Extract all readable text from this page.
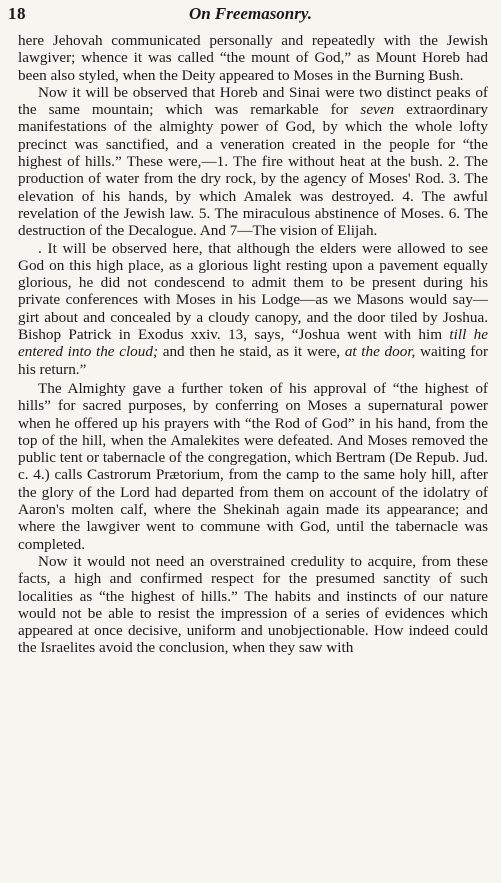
18	On Freemasonry.

here Jehovah communicated personally and repeatedly with the Jewish lawgiver; whence it was called “the mount of God,” as Mount Horeb had been also styled, when the Deity appeared to Moses in the Burning Bush.

Now it will be observed that Horeb and Sinai were two distinct peaks of the same mountain; which was remarkable for seven extraordinary manifestations of the almighty power of God, by which the whole lofty precinct was sanctified, and a veneration created in the people for “the highest of hills.” These were,—1. The fire without heat at the bush. 2. The production of water from the dry rock, by the agency of Moses' Rod. 3. The elevation of his hands, by which Amalek was destroyed. 4. The awful revelation of the Jewish law. 5. The miraculous abstinence of Moses. 6. The destruction of the Decalogue. And 7—The vision of Elijah.

. It will be observed here, that although the elders were allowed to see God on this high place, as a glorious light resting upon a pavement equally glorious, he did not condescend to admit them to be present during his private conferences with Moses in his Lodge—as we Masons would say—girt about and concealed by a cloudy canopy, and the door tiled by Joshua. Bishop Patrick in Exodus xxiv. 13, says, “Joshua went with him till he entered into the cloud; and then he staid, as it were, at the door, waiting for his return.”

The Almighty gave a further token of his approval of “the highest of hills” for sacred purposes, by conferring on Moses a supernatural power when he offered up his prayers with “the Rod of God” in his hand, from the top of the hill, when the Amalekites were defeated. And Moses removed the public tent or tabernacle of the congregation, which Bertram (De Repub. Jud. c. 4.) calls Castrorum Prætorium, from the camp to the same holy hill, after the glory of the Lord had departed from them on account of the idolatry of Aaron's molten calf, where the Shekinah again made its appearance; and where the lawgiver went to commune with God, until the tabernacle was completed.

Now it would not need an overstrained credulity to acquire, from these facts, a high and confirmed respect for the presumed sanctity of such localities as “the highest of hills.” The habits and instincts of our nature would not be able to resist the impression of a series of evidences which appeared at once decisive, uniform and unobjectionable. How indeed could the Israelites avoid the conclusion, when they saw with
